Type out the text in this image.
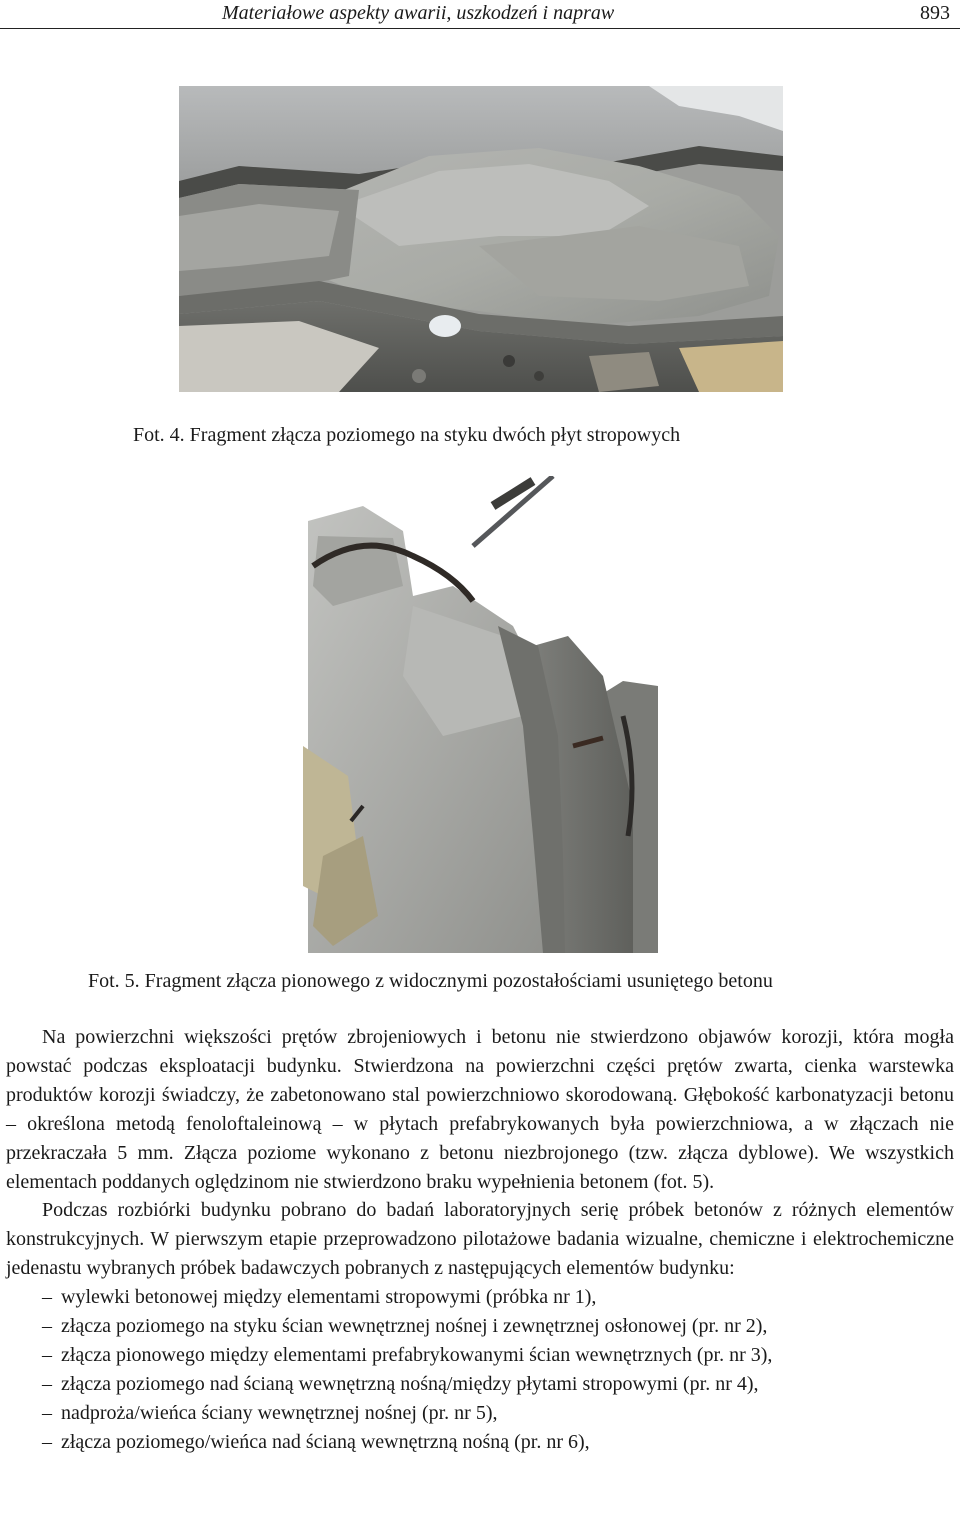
Materiałowe aspekty awarii, uszkodzeń i napraw	893
Fot. 4. Fragment złącza poziomego na styku dwóch płyt stropowych
Fot. 5. Fragment złącza pionowego z widocznymi pozostałościami usuniętego betonu

Na powierzchni większości prętów zbrojeniowych i betonu nie stwierdzono objawów korozji, która mogła powstać podczas eksploatacji budynku. Stwierdzona na powierzchni części prętów zwarta, cienka warstewka produktów korozji świadczy, że zabetonowano stal powierzchniowo skorodowaną. Głębokość karbonatyzacji betonu – określona metodą fenoloftaleinową – w płytach prefabrykowanych była powierzchniowa, a w złączach nie przekraczała 5 mm. Złącza poziome wykonano z betonu niezbrojonego (tzw. złącza dyblowe). We wszystkich elementach poddanych oględzinom nie stwierdzono braku wypełnienia betonem (fot. 5).

Podczas rozbiórki budynku pobrano do badań laboratoryjnych serię próbek betonów z różnych elementów konstrukcyjnych. W pierwszym etapie przeprowadzono pilotażowe badania wizualne, chemiczne i elektrochemiczne jedenastu wybranych próbek badawczych pobranych z następujących elementów budynku:

– wylewki betonowej między elementami stropowymi (próbka nr 1),
– złącza poziomego na styku ścian wewnętrznej nośnej i zewnętrznej osłonowej (pr. nr 2),
– złącza pionowego między elementami prefabrykowanymi ścian wewnętrznych (pr. nr 3),
– złącza poziomego nad ścianą wewnętrzną nośną/między płytami stropowymi (pr. nr 4),
– nadproża/wieńca ściany wewnętrznej nośnej (pr. nr 5),
– złącza poziomego/wieńca nad ścianą wewnętrzną nośną (pr. nr 6),
